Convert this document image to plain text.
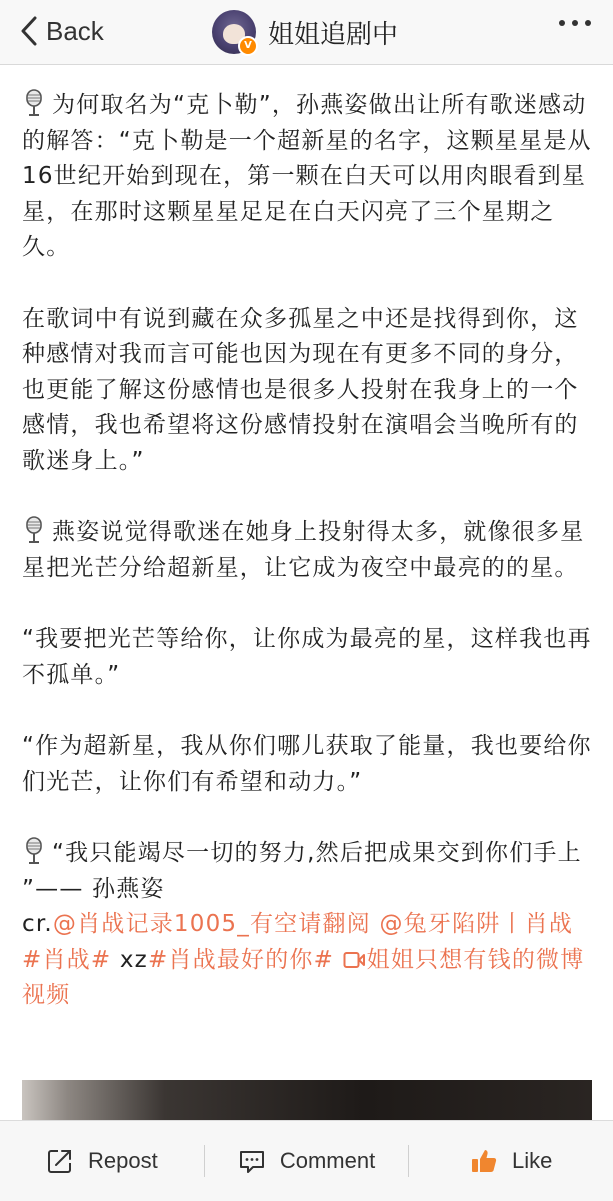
Back	V 姐姐追剧中

为何取名为“克卜勒”，孙燕姿做出让所有歌迷感动的解答：“克卜勒是一个超新星的名字，这颗星星是从16世纪开始到现在，第一颗在白天可以用肉眼看到星星，在那时这颗星星足足在白天闪亮了三个星期之久。

在歌词中有说到藏在众多孤星之中还是找得到你，这种感情对我而言可能也因为现在有更多不同的身分，也更能了解这份感情也是很多人投射在我身上的一个感情，我也希望将这份感情投射在演唱会当晚所有的歌迷身上。”

燕姿说觉得歌迷在她身上投射得太多，就像很多星星把光芒分给超新星，让它成为夜空中最亮的的星。

“我要把光芒等给你，让你成为最亮的星，这样我也再不孤单。”

“作为超新星，我从你们哪儿获取了能量，我也要给你们光芒，让你们有希望和动力。”

“我只能竭尽一切的努力,然后把成果交到你们手上 ”—— 孙燕姿

cr.@肖战记录1005_有空请翻阅 @兔牙陷阱丨肖战 #肖战# xz#肖战最好的你# 姐姐只想有钱的微博视频

Repost	Comment	Like
